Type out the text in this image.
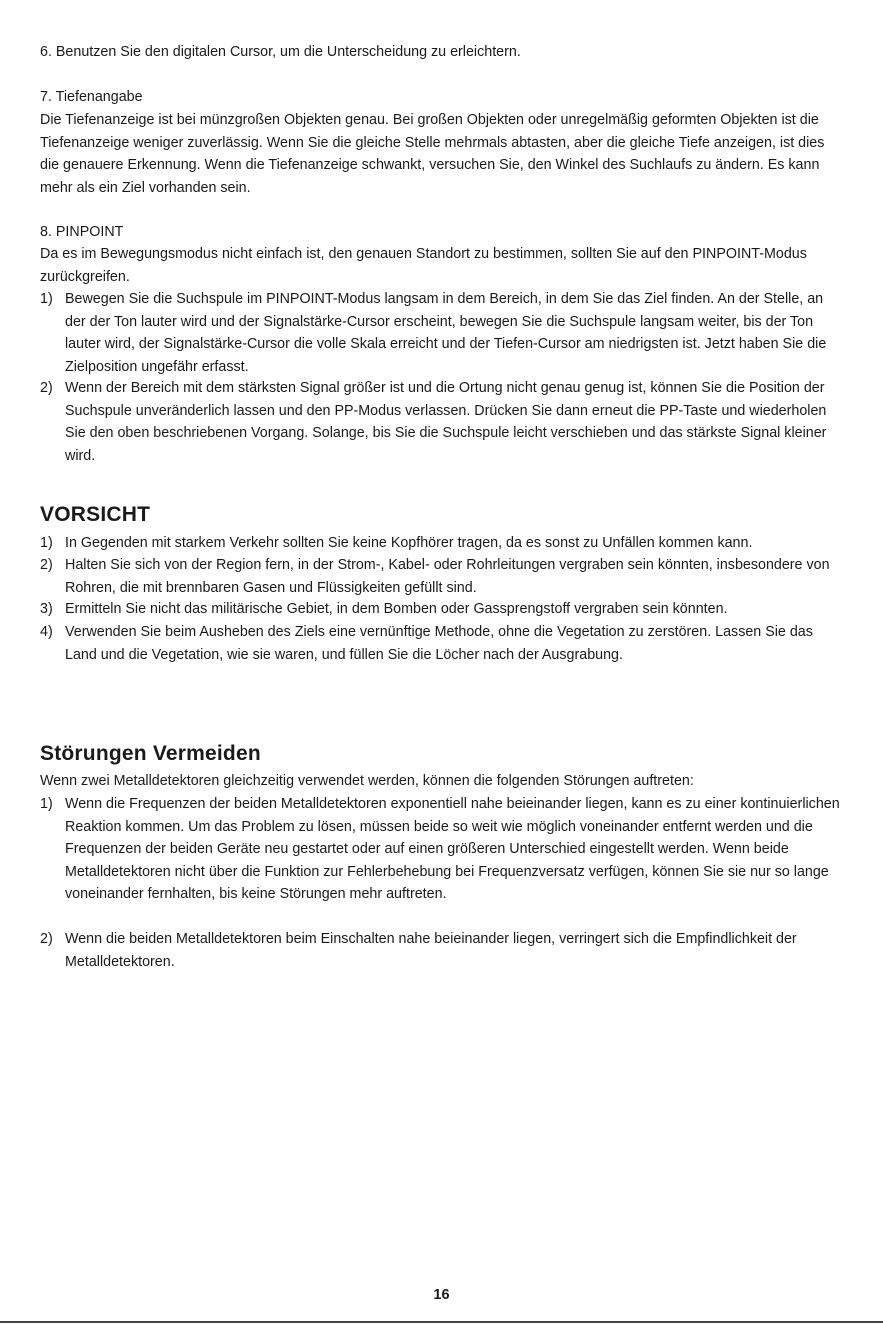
6. Benutzen Sie den digitalen Cursor, um die Unterscheidung zu erleichtern.

7. Tiefenangabe

Die Tiefenanzeige ist bei münzgroßen Objekten genau. Bei großen Objekten oder unregelmäßig geformten Objekten ist die Tiefenanzeige weniger zuverlässig. Wenn Sie die gleiche Stelle mehrmals abtasten, aber die gleiche Tiefe anzeigen, ist dies die genauere Erkennung. Wenn die Tiefenanzeige schwankt, versuchen Sie, den Winkel des Suchlaufs zu ändern. Es kann mehr als ein Ziel vorhanden sein.

8. PINPOINT

Da es im Bewegungsmodus nicht einfach ist, den genauen Standort zu bestimmen, sollten Sie auf den PINPOINT-Modus zurückgreifen.

1) Bewegen Sie die Suchspule im PINPOINT-Modus langsam in dem Bereich, in dem Sie das Ziel finden. An der Stelle, an der der Ton lauter wird und der Signalstärke-Cursor erscheint, bewegen Sie die Suchspule langsam weiter, bis der Ton lauter wird, der Signalstärke-Cursor die volle Skala erreicht und der Tiefen-Cursor am niedrigsten ist. Jetzt haben Sie die Zielposition ungefähr erfasst.
2) Wenn der Bereich mit dem stärksten Signal größer ist und die Ortung nicht genau genug ist, können Sie die Position der Suchspule unveränderlich lassen und den PP-Modus verlassen. Drücken Sie dann erneut die PP-Taste und wiederholen Sie den oben beschriebenen Vorgang. Solange, bis Sie die Suchspule leicht verschieben und das stärkste Signal kleiner wird.
VORSICHT
1) In Gegenden mit starkem Verkehr sollten Sie keine Kopfhörer tragen, da es sonst zu Unfällen kommen kann.
2) Halten Sie sich von der Region fern, in der Strom-, Kabel- oder Rohrleitungen vergraben sein könnten, insbesondere von Rohren, die mit brennbaren Gasen und Flüssigkeiten gefüllt sind.
3) Ermitteln Sie nicht das militärische Gebiet, in dem Bomben oder Gassprengstoff vergraben sein könnten.
4) Verwenden Sie beim Ausheben des Ziels eine vernünftige Methode, ohne die Vegetation zu zerstören. Lassen Sie das Land und die Vegetation, wie sie waren, und füllen Sie die Löcher nach der Ausgrabung.
Störungen Vermeiden

Wenn zwei Metalldetektoren gleichzeitig verwendet werden, können die folgenden Störungen auftreten:

1) Wenn die Frequenzen der beiden Metalldetektoren exponentiell nahe beieinander liegen, kann es zu einer kontinuierlichen Reaktion kommen. Um das Problem zu lösen, müssen beide so weit wie möglich voneinander entfernt werden und die Frequenzen der beiden Geräte neu gestartet oder auf einen größeren Unterschied eingestellt werden. Wenn beide Metalldetektoren nicht über die Funktion zur Fehlerbehebung bei Frequenzversatz verfügen, können Sie sie nur so lange voneinander fernhalten, bis keine Störungen mehr auftreten.
2) Wenn die beiden Metalldetektoren beim Einschalten nahe beieinander liegen, verringert sich die Empfindlichkeit der Metalldetektoren.
16
